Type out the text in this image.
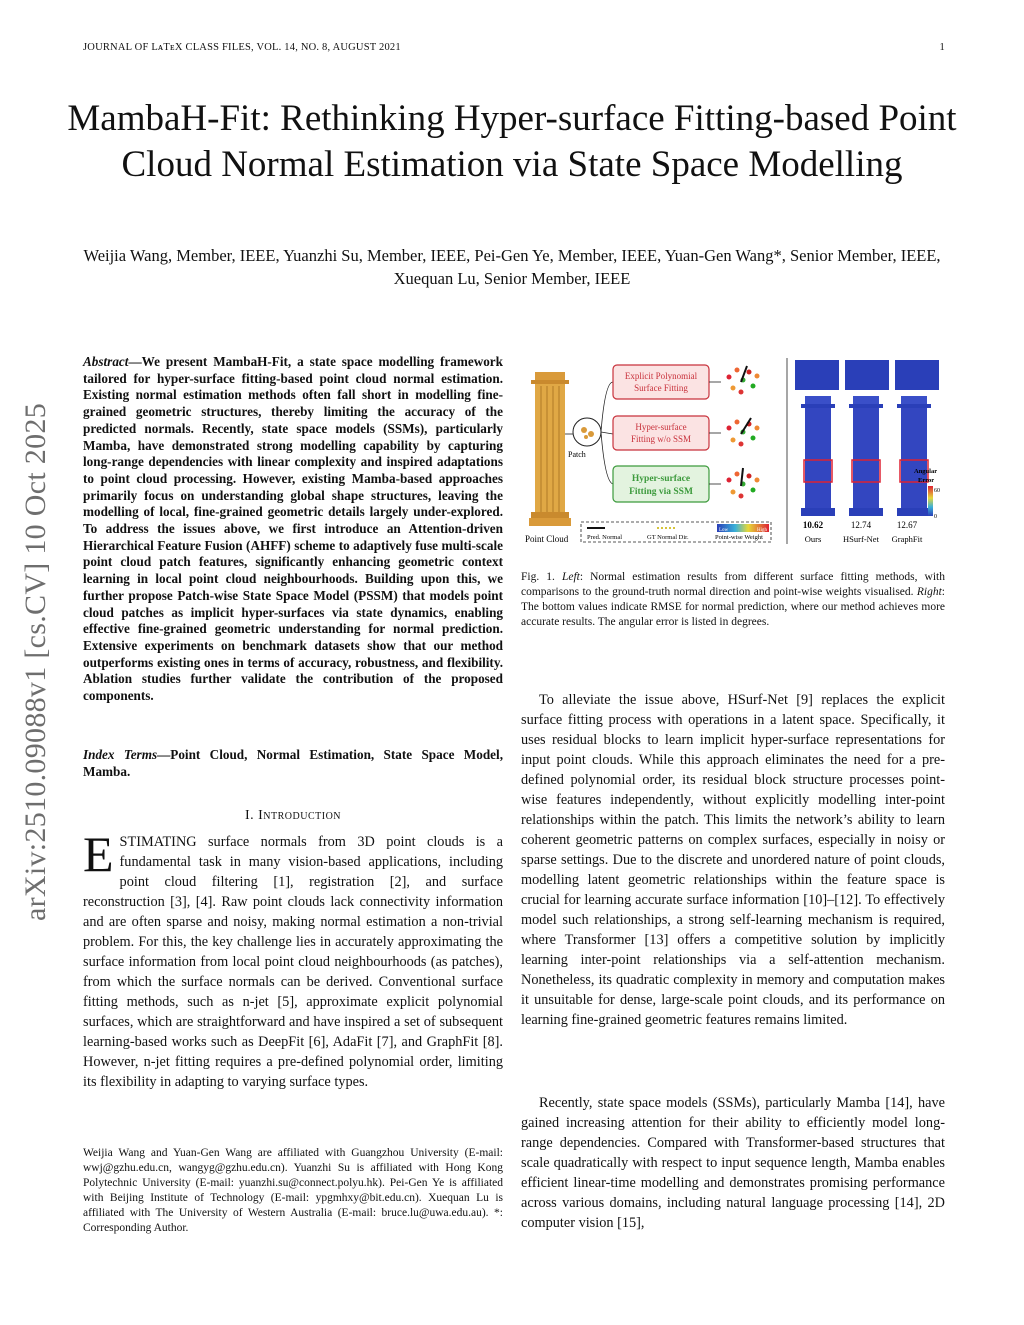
JOURNAL OF LᴀTᴇX CLASS FILES, VOL. 14, NO. 8, AUGUST 2021	1
MambaH-Fit: Rethinking Hyper-surface Fitting-based Point Cloud Normal Estimation via State Space Modelling
Weijia Wang, Member, IEEE, Yuanzhi Su, Member, IEEE, Pei-Gen Ye, Member, IEEE, Yuan-Gen Wang*, Senior Member, IEEE, Xuequan Lu, Senior Member, IEEE
arXiv:2510.09088v1 [cs.CV] 10 Oct 2025
Abstract—We present MambaH-Fit, a state space modelling framework tailored for hyper-surface fitting-based point cloud normal estimation. Existing normal estimation methods often fall short in modelling fine-grained geometric structures, thereby limiting the accuracy of the predicted normals. Recently, state space models (SSMs), particularly Mamba, have demonstrated strong modelling capability by capturing long-range dependencies with linear complexity and inspired adaptations to point cloud processing. However, existing Mamba-based approaches primarily focus on understanding global shape structures, leaving the modelling of local, fine-grained geometric details largely under-explored. To address the issues above, we first introduce an Attention-driven Hierarchical Feature Fusion (AHFF) scheme to adaptively fuse multi-scale point cloud patch features, significantly enhancing geometric context learning in local point cloud neighbourhoods. Building upon this, we further propose Patch-wise State Space Model (PSSM) that models point cloud patches as implicit hyper-surfaces via state dynamics, enabling effective fine-grained geometric understanding for normal prediction. Extensive experiments on benchmark datasets show that our method outperforms existing ones in terms of accuracy, robustness, and flexibility. Ablation studies further validate the contribution of the proposed components.
Index Terms—Point Cloud, Normal Estimation, State Space Model, Mamba.
I. Introduction
ESTIMATING surface normals from 3D point clouds is a fundamental task in many vision-based applications, including point cloud filtering [1], registration [2], and surface reconstruction [3], [4]. Raw point clouds lack connectivity information and are often sparse and noisy, making normal estimation a non-trivial problem. For this, the key challenge lies in accurately approximating the surface information from local point cloud neighbourhoods (as patches), from which the surface normals can be derived. Conventional surface fitting methods, such as n-jet [5], approximate explicit polynomial surfaces, which are straightforward and have inspired a set of subsequent learning-based works such as DeepFit [6], AdaFit [7], and GraphFit [8]. However, n-jet fitting requires a pre-defined polynomial order, limiting its flexibility in adapting to varying surface types.
Weijia Wang and Yuan-Gen Wang are affiliated with Guangzhou University (E-mail: wwj@gzhu.edu.cn, wangyg@gzhu.edu.cn). Yuanzhi Su is affiliated with Hong Kong Polytechnic University (E-mail: yuanzhi.su@connect.polyu.hk). Pei-Gen Ye is affiliated with Beijing Institute of Technology (E-mail: ypgmhxy@bit.edu.cn). Xuequan Lu is affiliated with The University of Western Australia (E-mail: bruce.lu@uwa.edu.au). *: Corresponding Author.
Point Cloud
Patch
Explicit Polynomial
Surface Fitting
Hyper-surface
Fitting w/o SSM
Hyper-surface
Fitting via SSM
Pred. Normal	GT Normal Dir.
Low	High
Point-wise Weight
Angular
Error
60
0
10.62	12.74	12.67
Ours	HSurf-Net GraphFit
Fig. 1. Left: Normal estimation results from different surface fitting methods, with comparisons to the ground-truth normal direction and point-wise weights visualised. Right: The bottom values indicate RMSE for normal prediction, where our method achieves more accurate results. The angular error is listed in degrees.
To alleviate the issue above, HSurf-Net [9] replaces the explicit surface fitting process with operations in a latent space. Specifically, it uses residual blocks to learn implicit hyper-surface representations for input point clouds. While this approach eliminates the need for a pre-defined polynomial order, its residual block structure processes point-wise features independently, without explicitly modelling inter-point relationships within the patch. This limits the network’s ability to learn coherent geometric patterns on complex surfaces, especially in noisy or sparse settings. Due to the discrete and unordered nature of point clouds, modelling latent geometric relationships within the feature space is crucial for learning accurate surface information [10]–[12]. To effectively model such relationships, a strong self-learning mechanism is required, where Transformer [13] offers a competitive solution by implicitly learning inter-point relationships via a self-attention mechanism. Nonetheless, its quadratic complexity in memory and computation makes it unsuitable for dense, large-scale point clouds, and its performance on learning fine-grained geometric features remains limited.
Recently, state space models (SSMs), particularly Mamba [14], have gained increasing attention for their ability to efficiently model long-range dependencies. Compared with Transformer-based structures that scale quadratically with respect to input sequence length, Mamba enables efficient linear-time modelling and demonstrates promising performance across various domains, including natural language processing [14], 2D computer vision [15],
